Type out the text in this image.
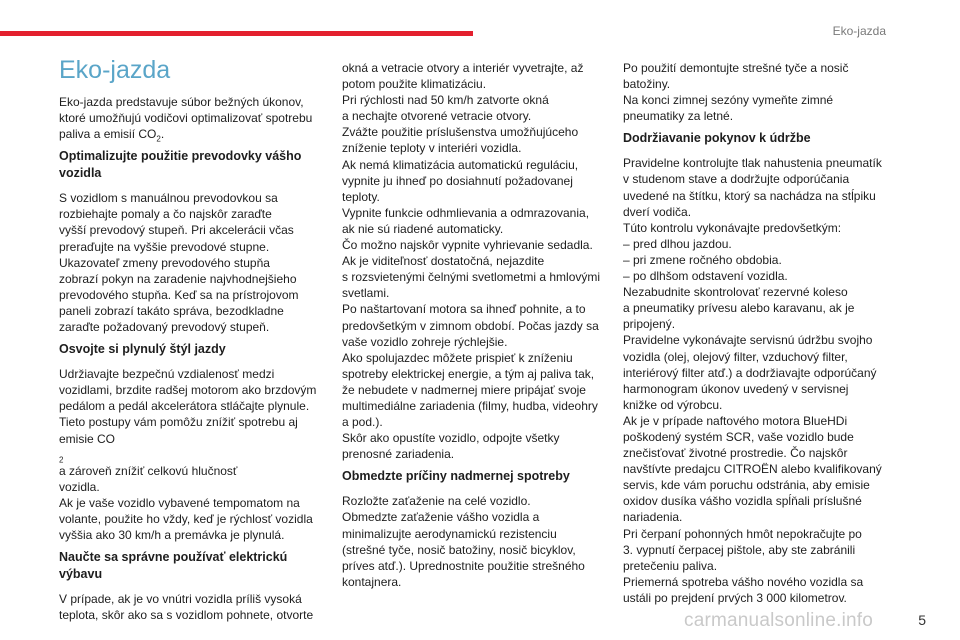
Eko-jazda
Eko-jazda
Eko-jazda predstavuje súbor bežných úkonov, ktoré umožňujú vodičovi optimalizovať spotrebu paliva a emisií $CO_2$.
Optimalizujte použitie prevodovky vášho vozidla
S vozidlom s manuálnou prevodovkou sa
rozbiehajte pomaly a čo najskôr zaraďte
vyšší prevodový stupeň. Pri akcelerácii včas
preraďujte na vyššie prevodové stupne.
Ukazovateľ zmeny prevodového stupňa
zobrazí pokyn na zaradenie najvhodnejšieho
prevodového stupňa. Keď sa na prístrojovom
paneli zobrazí takáto správa, bezodkladne
zaraďte požadovaný prevodový stupeň.
Osvojte si plynulý štýl jazdy
Udržiavajte bezpečnú vzdialenosť medzi
vozidlami, brzdite radšej motorom ako brzdovým
pedálom a pedál akcelerátora stláčajte plynule.
Tieto postupy vám pomôžu znížiť spotrebu aj
emisie CO
$_2$
a zároveň znížiť celkovú hlučnosť
vozidla.
Ak je vaše vozidlo vybavené tempomatom na
volante, použite ho vždy, keď je rýchlosť vozidla
vyššia ako 30 km/h a premávka je plynulá.
Naučte sa správne používať elektrickú výbavu
V prípade, ak je vo vnútri vozidla príliš vysoká
teplota, skôr ako sa s vozidlom pohnete, otvorte
okná a vetracie otvory a interiér vyvetrajte, až
potom použite klimatizáciu.
Pri rýchlosti nad 50 km/h zatvorte okná
a nechajte otvorené vetracie otvory.
Zvážte použitie príslušenstva umožňujúceho
zníženie teploty v interiéri vozidla.
Ak nemá klimatizácia automatickú reguláciu,
vypnite ju ihneď po dosiahnutí požadovanej
teploty.
Vypnite funkcie odhmlievania a odmrazovania,
ak nie sú riadené automaticky.
Čo možno najskôr vypnite vyhrievanie sedadla.
Ak je viditeľnosť dostatočná, nejazdite
s rozsvietenými čelnými svetlometmi a hmlovými
svetlami.
Po naštartovaní motora sa ihneď pohnite, a to
predovšetkým v zimnom období. Počas jazdy sa
vaše vozidlo zohreje rýchlejšie.
Ako spolujazdec môžete prispieť k zníženiu
spotreby elektrickej energie, a tým aj paliva tak,
že nebudete v nadmernej miere pripájať svoje
multimediálne zariadenia (filmy, hudba, videohry
a pod.).
Skôr ako opustíte vozidlo, odpojte všetky
prenosné zariadenia.
Obmedzte príčiny nadmernej spotreby
Rozložte zaťaženie na celé vozidlo.
Obmedzte zaťaženie vášho vozidla a
minimalizujte aerodynamickú rezistenciu
(strešné tyče, nosič batožiny, nosič bicyklov,
príves atď.). Uprednostnite použitie strešného
kontajnera.
Po použití demontujte strešné tyče a nosič
batožiny.
Na konci zimnej sezóny vymeňte zimné
pneumatiky za letné.
Dodržiavanie pokynov k údržbe
Pravidelne kontrolujte tlak nahustenia pneumatík
v studenom stave a dodržujte odporúčania
uvedené na štítku, ktorý sa nachádza na stĺpiku
dverí vodiča.
Túto kontrolu vykonávajte predovšetkým:
– pred dlhou jazdou.
– pri zmene ročného obdobia.
– po dlhšom odstavení vozidla.
Nezabudnite skontrolovať rezervné koleso
a pneumatiky prívesu alebo karavanu, ak je
pripojený.
Pravidelne vykonávajte servisnú údržbu svojho
vozidla (olej, olejový filter, vzduchový filter,
interiérový filter atď.) a dodržiavajte odporúčaný
harmonogram úkonov uvedený v servisnej
knižke od výrobcu.
Ak je v prípade naftového motora BlueHDi
poškodený systém SCR, vaše vozidlo bude
znečisťovať životné prostredie. Čo najskôr
navštívte predajcu CITROËN alebo kvalifikovaný
servis, kde vám poruchu odstránia, aby emisie
oxidov dusíka vášho vozidla spĺňali príslušné
nariadenia.
Pri čerpaní pohonných hmôt nepokračujte po
3. vypnutí čerpacej pištole, aby ste zabránili
pretečeniu paliva.
Priemerná spotreba vášho nového vozidla sa
ustáli po prejdení prvých 3 000 kilometrov.
carmanualsonline.info	5
